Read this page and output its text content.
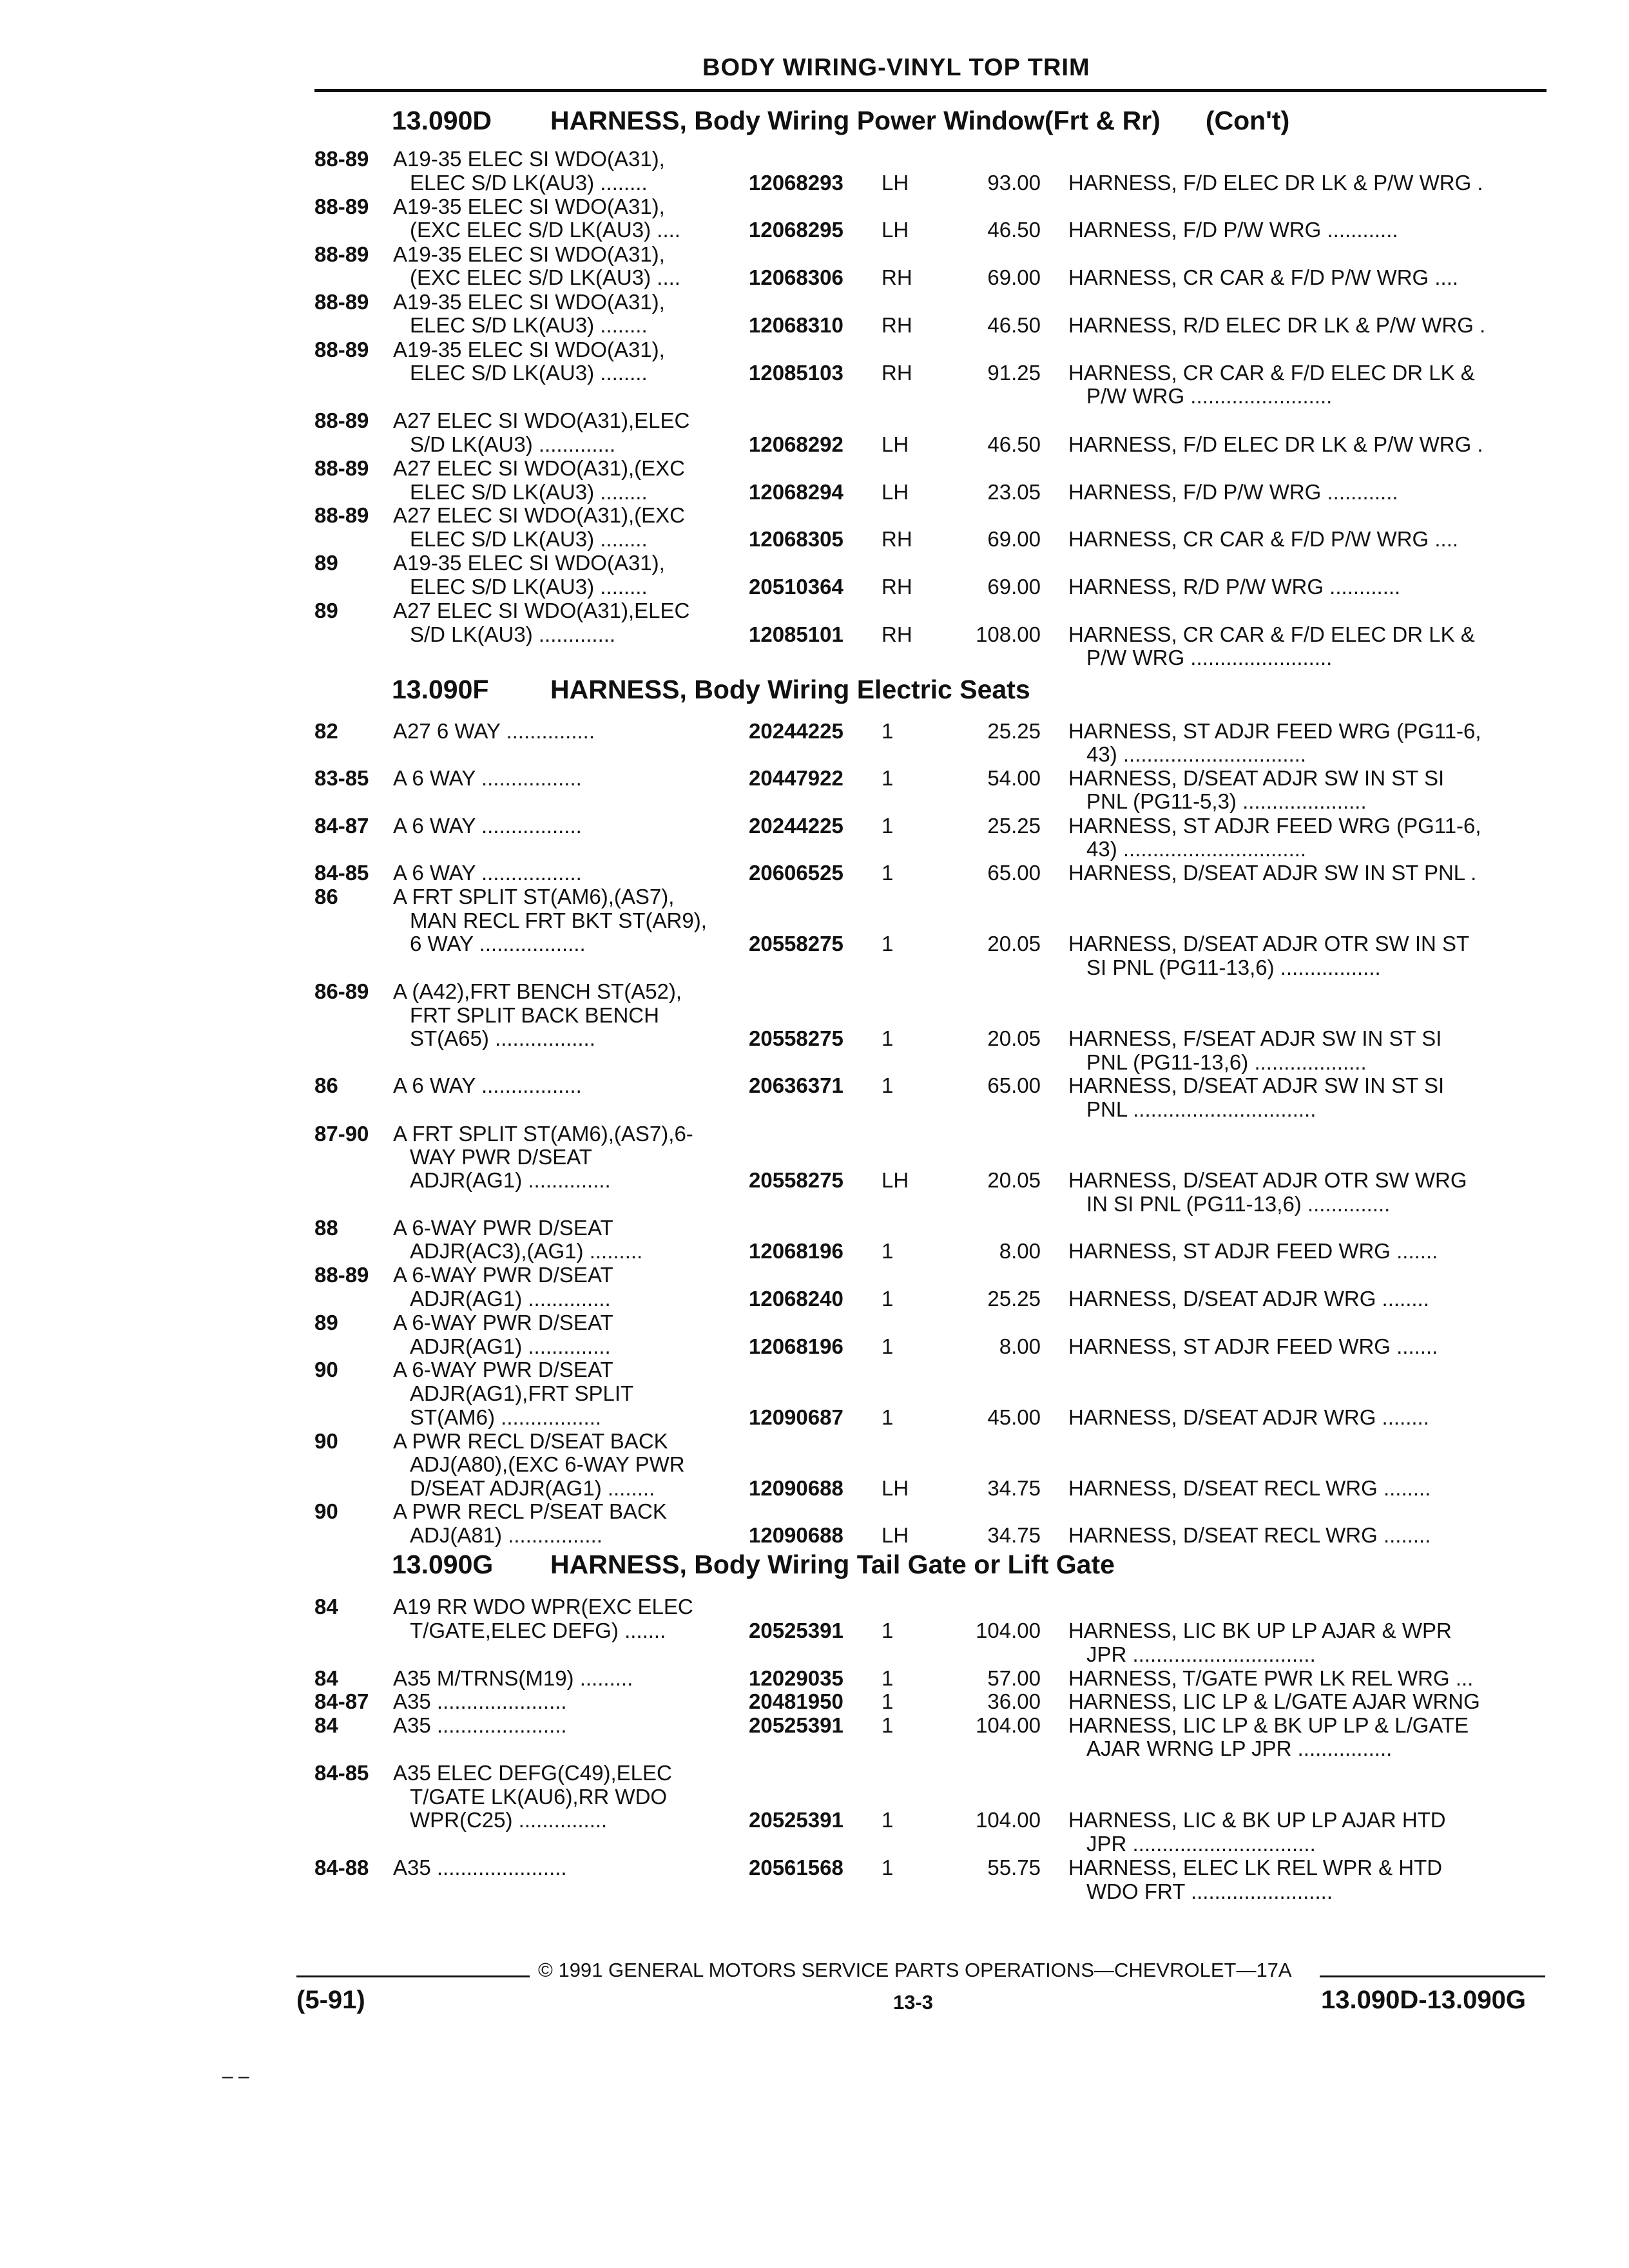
BODY WIRING-VINYL TOP TRIM
13.090D HARNESS, Body Wiring Power Window(Frt & Rr) (Con't)
13.090F HARNESS, Body Wiring Electric Seats
13.090G HARNESS, Body Wiring Tail Gate or Lift Gate
88-89 A19-35 ELEC SI WDO(A31),
ELEC S/D LK(AU3) ........	12068293 LH	93.00 HARNESS, F/D ELEC DR LK & P/W WRG .
88-89 A19-35 ELEC SI WDO(A31),
(EXC ELEC S/D LK(AU3) ....	12068295 LH	46.50 HARNESS, F/D P/W WRG ............
88-89 A19-35 ELEC SI WDO(A31),
(EXC ELEC S/D LK(AU3) ....	12068306 RH	69.00 HARNESS, CR CAR & F/D P/W WRG ....
88-89 A19-35 ELEC SI WDO(A31),
ELEC S/D LK(AU3) ........	12068310 RH	46.50 HARNESS, R/D ELEC DR LK & P/W WRG .
88-89 A19-35 ELEC SI WDO(A31),
ELEC S/D LK(AU3) ........	12085103 RH	91.25 HARNESS, CR CAR & F/D ELEC DR LK &
P/W WRG ........................
88-89 A27 ELEC SI WDO(A31),ELEC
S/D LK(AU3) .............	12068292 LH	46.50 HARNESS, F/D ELEC DR LK & P/W WRG .
88-89 A27 ELEC SI WDO(A31),(EXC
ELEC S/D LK(AU3) ........	12068294 LH	23.05 HARNESS, F/D P/W WRG ............
88-89 A27 ELEC SI WDO(A31),(EXC
ELEC S/D LK(AU3) ........	12068305 RH	69.00 HARNESS, CR CAR & F/D P/W WRG ....
89	A19-35 ELEC SI WDO(A31),
ELEC S/D LK(AU3) ........	20510364 RH	69.00 HARNESS, R/D P/W WRG ............
89	A27 ELEC SI WDO(A31),ELEC
S/D LK(AU3) .............	12085101 RH	108.00 HARNESS, CR CAR & F/D ELEC DR LK &
P/W WRG ........................
82	A27 6 WAY ...............	20244225 1	25.25 HARNESS, ST ADJR FEED WRG (PG11-6,
43) ...............................
83-85 A 6 WAY .................	20447922 1	54.00 HARNESS, D/SEAT ADJR SW IN ST SI
PNL (PG11-5,3) .....................
84-87 A 6 WAY .................	20244225 1	25.25 HARNESS, ST ADJR FEED WRG (PG11-6,
43) ...............................
84-85 A 6 WAY .................	20606525 1	65.00 HARNESS, D/SEAT ADJR SW IN ST PNL .
86	A FRT SPLIT ST(AM6),(AS7),
MAN RECL FRT BKT ST(AR9),
6 WAY ..................	20558275 1	20.05 HARNESS, D/SEAT ADJR OTR SW IN ST
SI PNL (PG11-13,6) .................
86-89 A (A42),FRT BENCH ST(A52),
FRT SPLIT BACK BENCH
ST(A65) .................	20558275 1	20.05 HARNESS, F/SEAT ADJR SW IN ST SI
PNL (PG11-13,6) ...................
86	A 6 WAY .................	20636371 1	65.00 HARNESS, D/SEAT ADJR SW IN ST SI
PNL ...............................
87-90 A FRT SPLIT ST(AM6),(AS7),6-
WAY PWR D/SEAT
ADJR(AG1) ..............	20558275 LH	20.05 HARNESS, D/SEAT ADJR OTR SW WRG
IN SI PNL (PG11-13,6) ..............
88	A 6-WAY PWR D/SEAT
ADJR(AC3),(AG1) .........	12068196 1	8.00 HARNESS, ST ADJR FEED WRG .......
88-89 A 6-WAY PWR D/SEAT
ADJR(AG1) ..............	12068240 1	25.25 HARNESS, D/SEAT ADJR WRG ........
89	A 6-WAY PWR D/SEAT
ADJR(AG1) ..............	12068196 1	8.00 HARNESS, ST ADJR FEED WRG .......
90	A 6-WAY PWR D/SEAT
ADJR(AG1),FRT SPLIT
ST(AM6) .................	12090687 1	45.00 HARNESS, D/SEAT ADJR WRG ........
90	A PWR RECL D/SEAT BACK
ADJ(A80),(EXC 6-WAY PWR
D/SEAT ADJR(AG1) ........	12090688 LH	34.75 HARNESS, D/SEAT RECL WRG ........
90	A PWR RECL P/SEAT BACK
ADJ(A81) ................	12090688 LH	34.75 HARNESS, D/SEAT RECL WRG ........
84	A19 RR WDO WPR(EXC ELEC
T/GATE,ELEC DEFG) .......	20525391 1	104.00 HARNESS, LIC BK UP LP AJAR & WPR
JPR ...............................
84	A35 M/TRNS(M19) .........	12029035 1	57.00 HARNESS, T/GATE PWR LK REL WRG ...
84-87 A35 ......................	20481950 1	36.00 HARNESS, LIC LP & L/GATE AJAR WRNG
84	A35 ......................	20525391 1	104.00 HARNESS, LIC LP & BK UP LP & L/GATE
AJAR WRNG LP JPR ................
84-85 A35 ELEC DEFG(C49),ELEC
T/GATE LK(AU6),RR WDO
WPR(C25) ...............	20525391 1	104.00 HARNESS, LIC & BK UP LP AJAR HTD
JPR ...............................
84-88 A35 ......................	20561568 1	55.75 HARNESS, ELEC LK REL WPR & HTD
WDO FRT ........................
© 1991 GENERAL MOTORS SERVICE PARTS OPERATIONS—CHEVROLET—17A
(5-91)	13-3	13.090D-13.090G
– –
